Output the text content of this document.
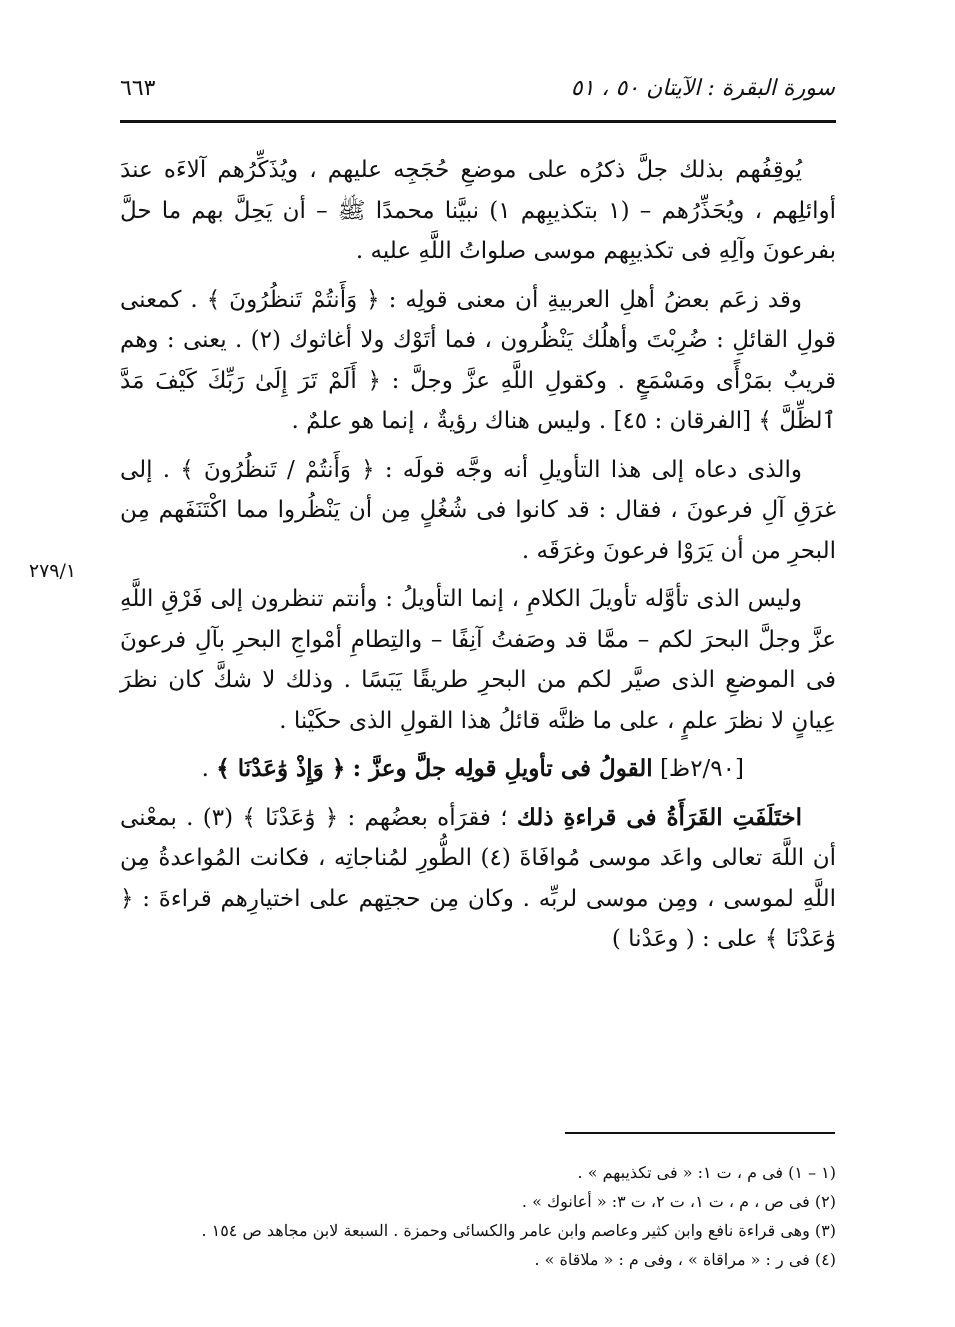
سورة البقرة : الآيتان ٥٠ ، ٥١
٦٦٣
٢٧٩/١

يُوقِفُهم بذلك جلَّ ذكرُه على موضعِ حُجَجِه عليهم ، ويُذَكِّرُهم آلاءَه عندَ أوائلِهم ، ويُحَذِّرُهم – (١ بتكذيبِهم ١) نبيَّنا محمدًا ﷺ – أن يَحِلَّ بهم ما حلَّ بفرعونَ وآلِهِ فى تكذيبِهم موسى صلواتُ اللَّهِ عليه .

وقد زعَم بعضُ أهلِ العربيةِ أن معنى قولِه : ﴿ وَأَنتُمْ تَنظُرُونَ ﴾ . كمعنى قولِ القائلِ : ضُرِبْتَ وأهلُك يَنْظُرون ، فما أتَوْك ولا أغاثوك (٢) . يعنى : وهم قريبٌ بمَرْأًى ومَسْمَعٍ . وكقولِ اللَّهِ عزَّ وجلَّ : ﴿ أَلَمْ تَرَ إِلَىٰ رَبِّكَ كَيْفَ مَدَّ ٱلظِّلَّ ﴾ [الفرقان : ٤٥] . وليس هناك رؤيةٌ ، إنما هو علمٌ .

والذى دعاه إلى هذا التأويلِ أنه وجَّه قولَه : ﴿ وَأَنتُمْ / تَنظُرُونَ ﴾ . إلى غرَقِ آلِ فرعونَ ، فقال : قد كانوا فى شُغُلٍ مِن أن يَنْظُروا مما اكْتَنَفَهم مِن البحرِ من أن يَرَوْا فرعونَ وغرَقَه .

وليس الذى تأوَّله تأويلَ الكلامِ ، إنما التأويلُ : وأنتم تنظرون إلى فَرْقِ اللَّهِ عزَّ وجلَّ البحرَ لكم – ممَّا قد وصَفتُ آنِفًا – والتِطامِ أمْواجِ البحرِ بآلِ فرعونَ فى الموضعِ الذى صيَّر لكم من البحرِ طريقًا يَبَسًا . وذلك لا شكَّ كان نظرَ عِيانٍ لا نظرَ علمٍ ، على ما ظنَّه قائلُ هذا القولِ الذى حكَيْنا .

[٢/٩٠ظ] القولُ فى تأويلِ قولِه جلَّ وعزَّ : ﴿ وَإِذْ وَٰعَدْنَا ﴾ .

اختَلَفَتِ القَرَأَةُ فى قراءةِ ذلك ؛ فقرَأه بعضُهم : ﴿ وَٰعَدْنَا ﴾ (٣) . بمعْنى أن اللَّهَ تعالى واعَد موسى مُوافَاةَ (٤) الطُّورِ لمُناجاتِه ، فكانت المُواعدةُ مِن اللَّهِ لموسى ، ومِن موسى لربِّه . وكان مِن حجتِهم على اختيارِهم قراءةَ : ﴿ وَٰعَدْنَا ﴾ على : ( وعَدْنا )

(١ – ١) فى م ، ت ١: « فى تكذيبهم » .
(٢) فى ص ، م ، ت ١، ت ٢، ت ٣: « أعانوك » .
(٣) وهى قراءة نافع وابن كثير وعاصم وابن عامر والكسائى وحمزة . السبعة لابن مجاهد ص ١٥٤ .
(٤) فى ر : « مراقاة » ، وفى م : « ملاقاة » .
